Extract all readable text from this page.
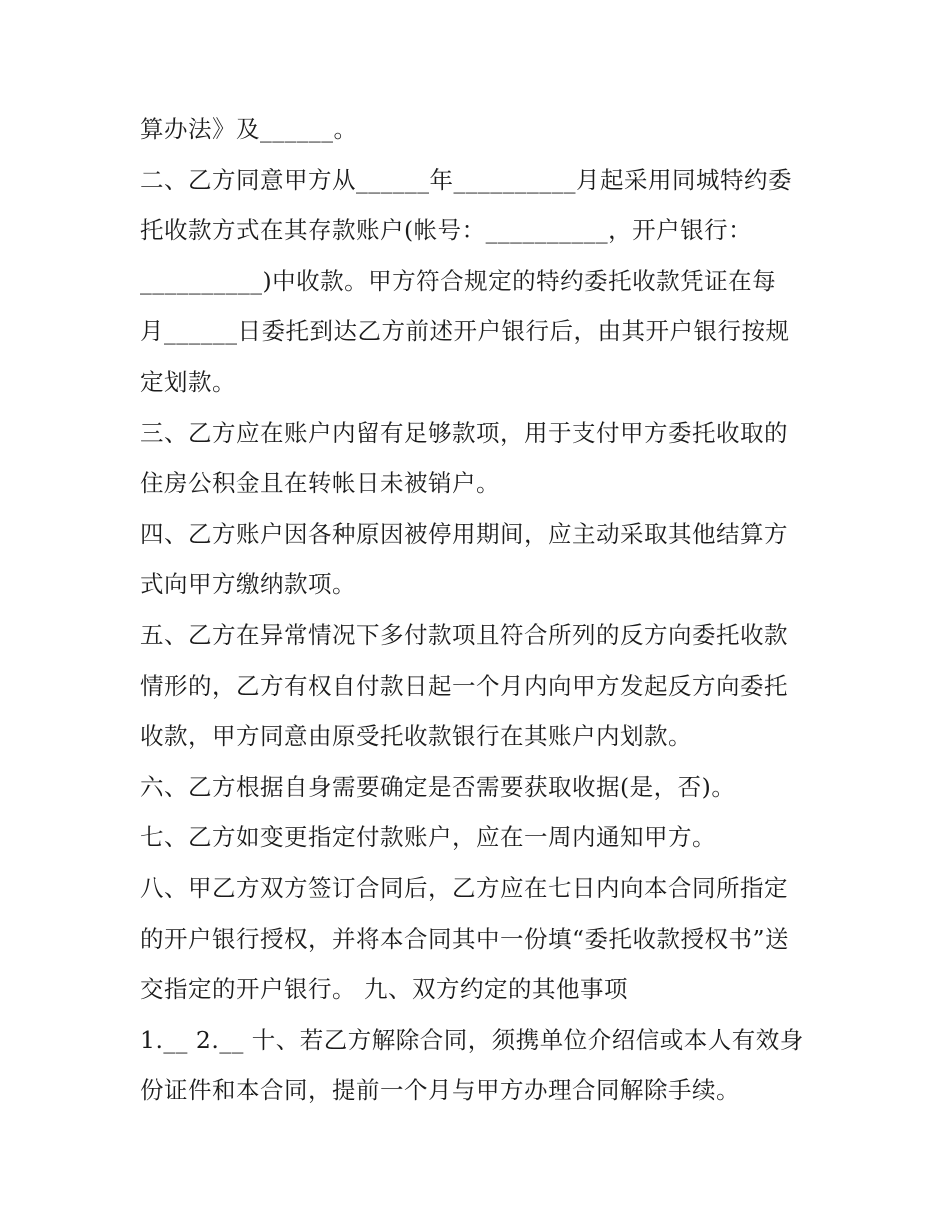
算办法》及______。
二、乙方同意甲方从______年__________月起采用同城特约委
托收款方式在其存款账户(帐号：__________，开户银行：
__________)中收款。甲方符合规定的特约委托收款凭证在每
月______日委托到达乙方前述开户银行后，由其开户银行按规
定划款。
三、乙方应在账户内留有足够款项，用于支付甲方委托收取的
住房公积金且在转帐日未被销户。
四、乙方账户因各种原因被停用期间，应主动采取其他结算方
式向甲方缴纳款项。
五、乙方在异常情况下多付款项且符合所列的反方向委托收款
情形的，乙方有权自付款日起一个月内向甲方发起反方向委托
收款，甲方同意由原受托收款银行在其账户内划款。
六、乙方根据自身需要确定是否需要获取收据(是，否)。
七、乙方如变更指定付款账户，应在一周内通知甲方。
八、甲乙方双方签订合同后，乙方应在七日内向本合同所指定
的开户银行授权，并将本合同其中一份填“委托收款授权书”送
交指定的开户银行。 九、双方约定的其他事项
1.__ 2.__ 十、若乙方解除合同，须携单位介绍信或本人有效身
份证件和本合同，提前一个月与甲方办理合同解除手续。
